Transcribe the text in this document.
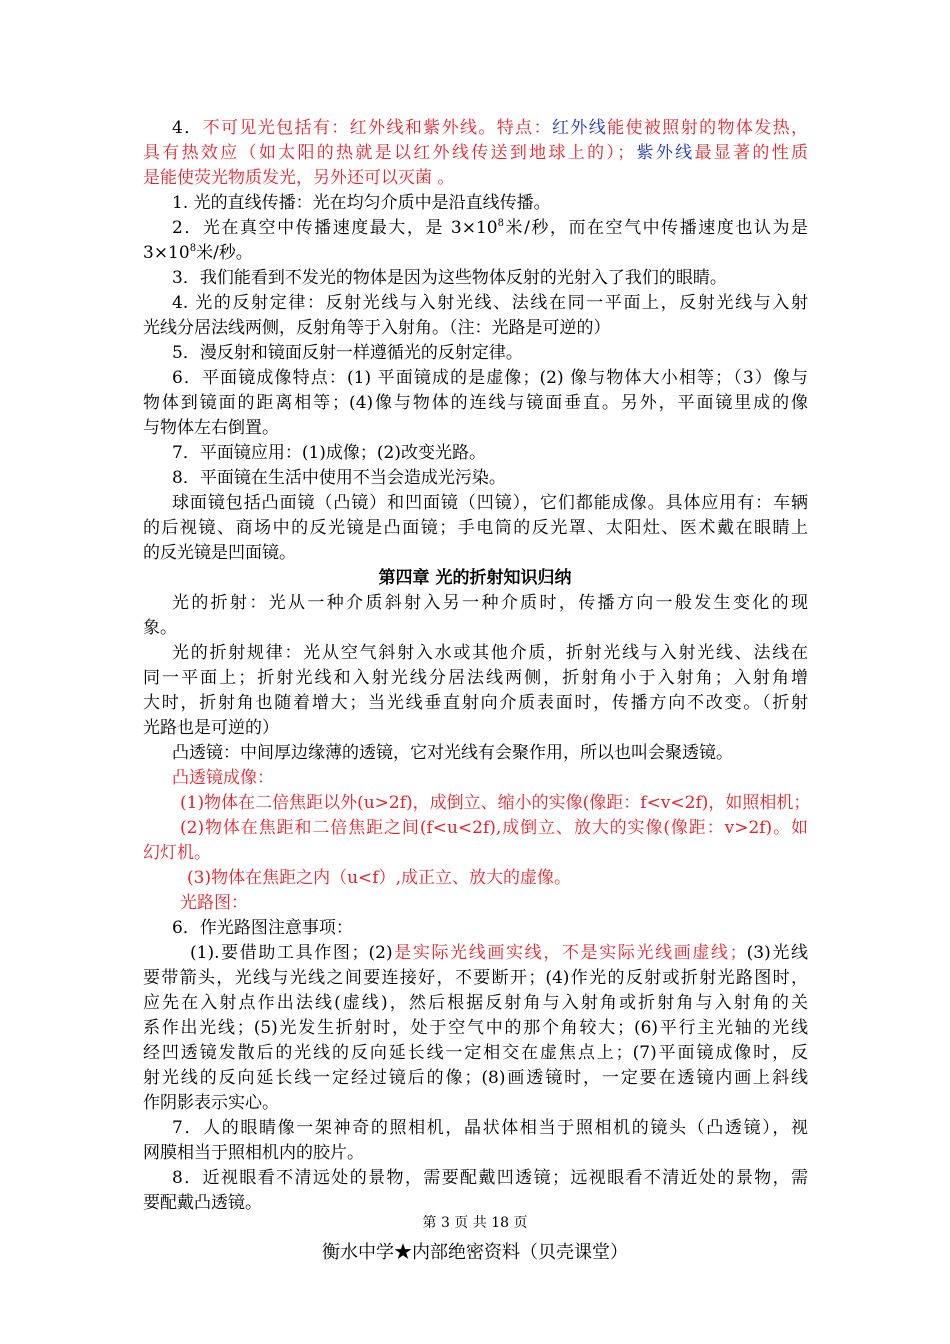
4．不可见光包括有：红外线和紫外线。特点：红外线能使被照射的物体发热，
具有热效应（如太阳的热就是以红外线传送到地球上的）；紫外线最显著的性质
是能使荧光物质发光，另外还可以灭菌 。
1. 光的直线传播：光在均匀介质中是沿直线传播。
2．光在真空中传播速度最大，是 $3\times 10^8$米/秒，而在空气中传播速度也认为是
$3\times 10^8$米/秒。
3．我们能看到不发光的物体是因为这些物体反射的光射入了我们的眼睛。
4. 光的反射定律：反射光线与入射光线、法线在同一平面上，反射光线与入射
光线分居法线两侧，反射角等于入射角。（注：光路是可逆的）
5．漫反射和镜面反射一样遵循光的反射定律。
6．平面镜成像特点：(1) 平面镜成的是虚像；(2) 像与物体大小相等；（3）像与
物体到镜面的距离相等；(4)像与物体的连线与镜面垂直。另外，平面镜里成的像
与物体左右倒置。
7．平面镜应用：(1)成像；(2)改变光路。
8．平面镜在生活中使用不当会造成光污染。
球面镜包括凸面镜（凸镜）和凹面镜（凹镜），它们都能成像。具体应用有：车辆
的后视镜、商场中的反光镜是凸面镜；手电筒的反光罩、太阳灶、医术戴在眼睛上
的反光镜是凹面镜。
第四章 光的折射知识归纳
光的折射：光从一种介质斜射入另一种介质时，传播方向一般发生变化的现
象。
光的折射规律：光从空气斜射入水或其他介质，折射光线与入射光线、法线在
同一平面上；折射光线和入射光线分居法线两侧，折射角小于入射角；入射角增
大时，折射角也随着增大；当光线垂直射向介质表面时，传播方向不改变。（折射
光路也是可逆的）
凸透镜：中间厚边缘薄的透镜，它对光线有会聚作用，所以也叫会聚透镜。
凸透镜成像：
(1)物体在二倍焦距以外(u>2f)，成倒立、缩小的实像(像距：f<v<2f)，如照相机；
(2)物体在焦距和二倍焦距之间(f<u<2f),成倒立、放大的实像(像距：v>2f)。如
幻灯机。
(3)物体在焦距之内（u<f）,成正立、放大的虚像。
光路图：
6．作光路图注意事项：
(1).要借助工具作图；(2)是实际光线画实线，不是实际光线画虚线；(3)光线
要带箭头，光线与光线之间要连接好，不要断开；(4)作光的反射或折射光路图时，
应先在入射点作出法线(虚线)，然后根据反射角与入射角或折射角与入射角的关
系作出光线；(5)光发生折射时，处于空气中的那个角较大；(6)平行主光轴的光线
经凹透镜发散后的光线的反向延长线一定相交在虚焦点上；(7)平面镜成像时，反
射光线的反向延长线一定经过镜后的像；(8)画透镜时，一定要在透镜内画上斜线
作阴影表示实心。
7．人的眼睛像一架神奇的照相机，晶状体相当于照相机的镜头（凸透镜），视
网膜相当于照相机内的胶片。
8．近视眼看不清远处的景物，需要配戴凹透镜；远视眼看不清近处的景物，需
要配戴凸透镜。
第 3 页 共 18 页
衡水中学★内部绝密资料（贝壳课堂）
